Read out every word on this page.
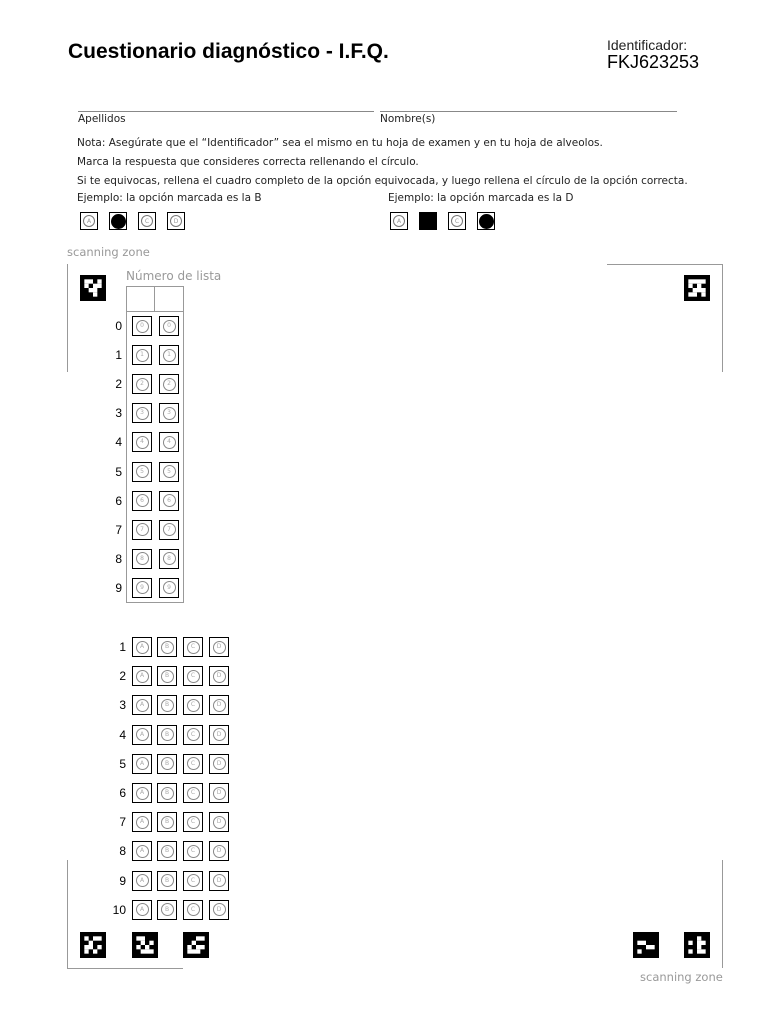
Cuestionario diagnóstico - I.F.Q.	Identificador:
FKJ623253
Apellidos	Nombre(s)
Nota: Asegúrate que el “Identificador” sea el mismo en tu hoja de examen y en tu hoja de alveolos.
Marca la respuesta que consideres correcta rellenando el círculo.
Si te equivocas, rellena el cuadro completo de la opción equivocada, y luego rellena el círculo de la opción correcta.
Ejemplo: la opción marcada es la B	Ejemplo: la opción marcada es la D
A	C	D	A	C
scanning zone
scanning zone
Número de lista
0	0	0
1	1	1
2	2	2
3	3	3
4	4	4
5	5	5
6	6	6
7	7	7
8	8	8
9	9	9
1	A	B	C	D
2	A	B	C	D
3	A	B	C	D
4	A	B	C	D
5	A	B	C	D
6	A	B	C	D
7	A	B	C	D
8	A	B	C	D
9	A	B	C	D
10	A	B	C	D
